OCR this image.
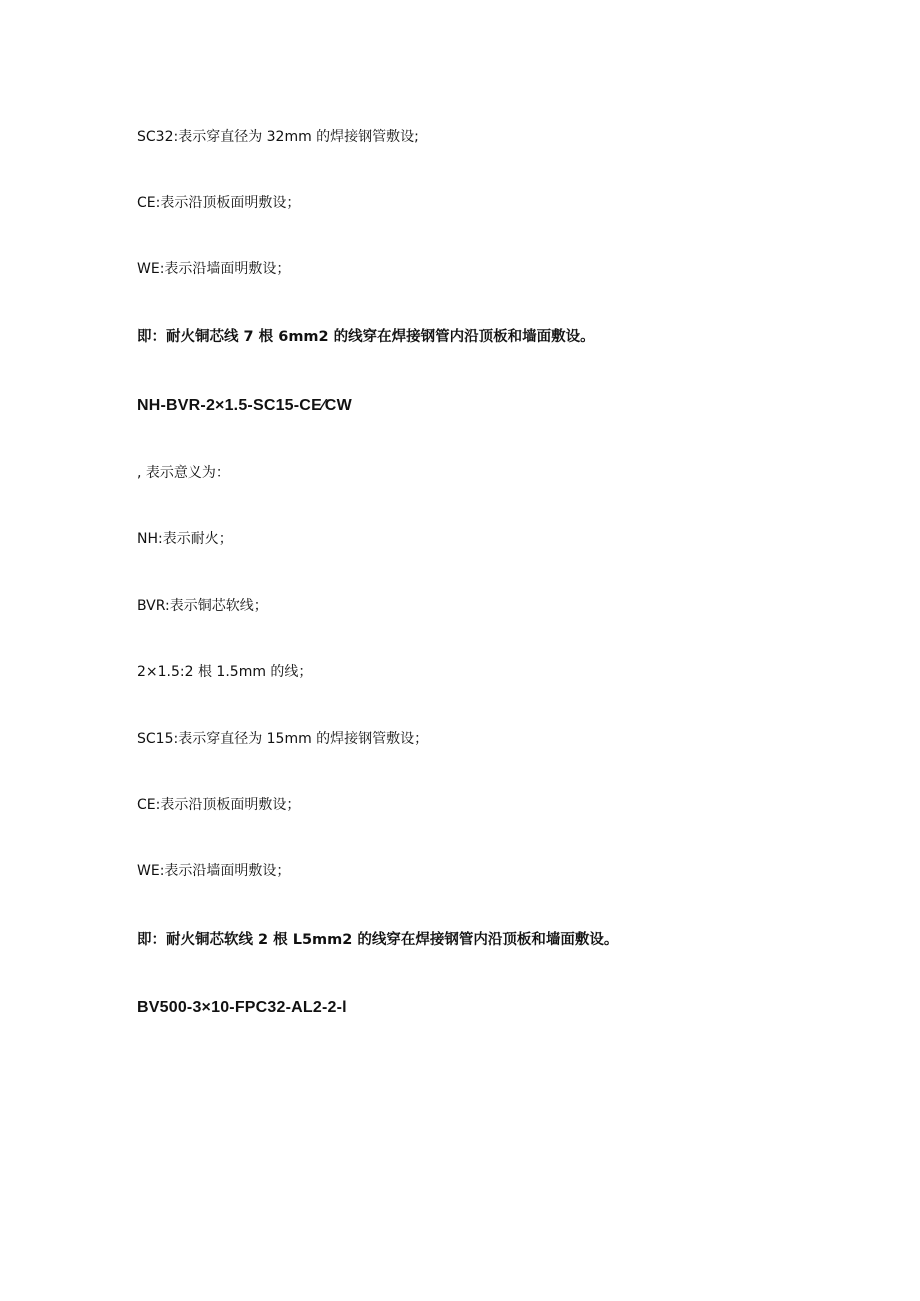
SC32:表示穿直径为 32mm 的焊接钢管敷设;
CE:表示沿顶板面明敷设；
WE:表示沿墙面明敷设；
即：耐火铜芯线 7 根 6mm2 的线穿在焊接钢管内沿顶板和墙面敷设。
NH-BVR-2×1.5-SC15-CE⁄CW
, 表示意义为：
NH:表示耐火；
BVR:表示铜芯软线；
2×1.5:2 根 1.5mm 的线；
SC15:表示穿直径为 15mm 的焊接钢管敷设；
CE:表示沿顶板面明敷设；
WE:表示沿墙面明敷设；
即：耐火铜芯软线 2 根 L5mm2 的线穿在焊接钢管内沿顶板和墙面敷设。
BV500-3×10-FPC32-AL2-2-l
